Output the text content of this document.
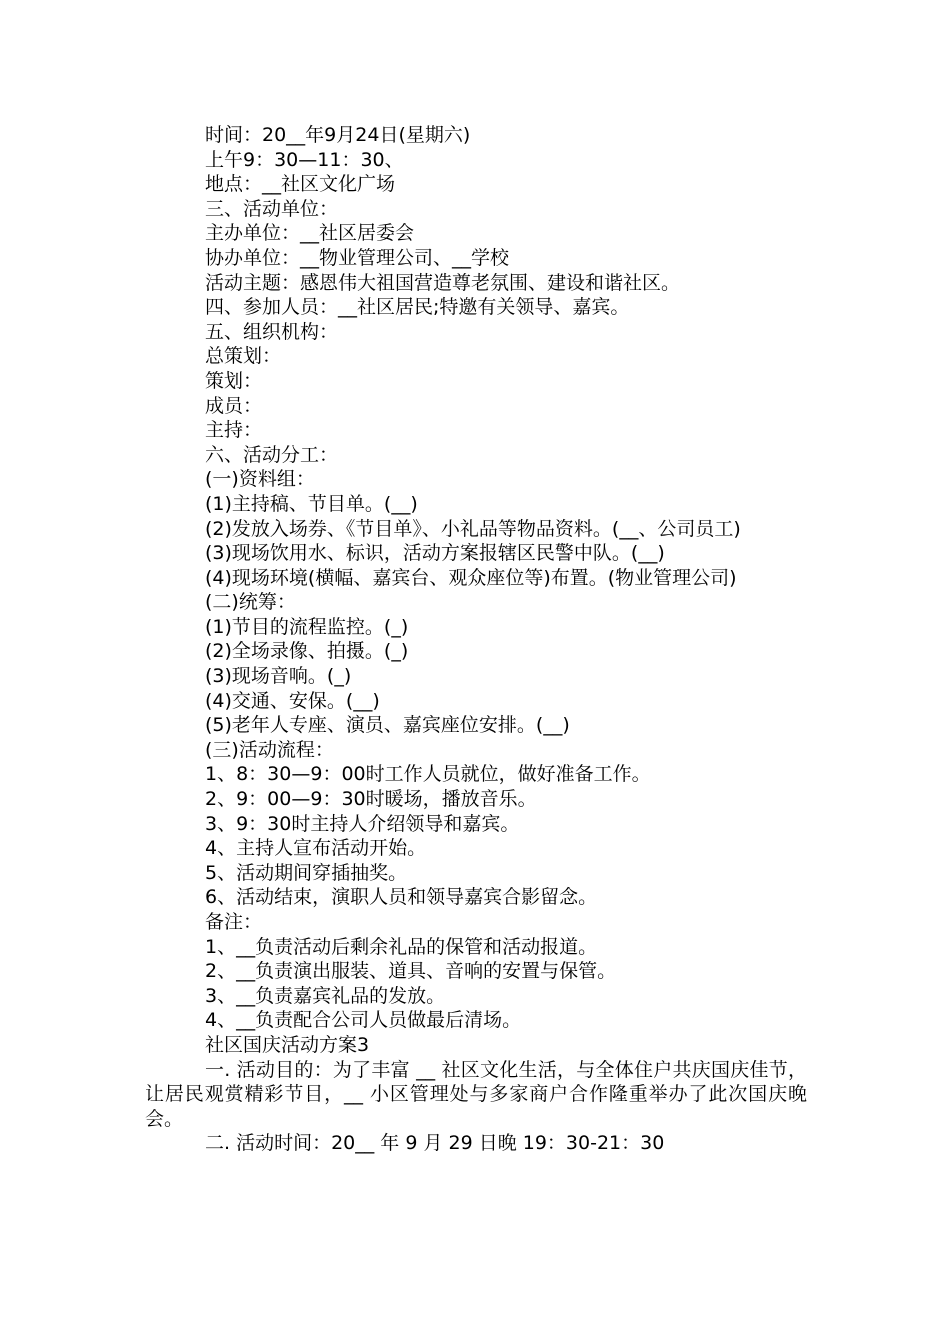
时间：20__年9月24日(星期六)
上午9：30—11：30、
地点：__社区文化广场
三、活动单位：
主办单位：__社区居委会
协办单位：__物业管理公司、__学校
活动主题：感恩伟大祖国营造尊老氛围、建设和谐社区。
四、参加人员：__社区居民;特邀有关领导、嘉宾。
五、组织机构：
总策划：
策划：
成员：
主持：
六、活动分工：
(一)资料组：
(1)主持稿、节目单。(__)
(2)发放入场券、《节目单》、小礼品等物品资料。(__、公司员工)
(3)现场饮用水、标识，活动方案报辖区民警中队。(__)
(4)现场环境(横幅、嘉宾台、观众座位等)布置。(物业管理公司)
(二)统筹：
(1)节目的流程监控。(_)
(2)全场录像、拍摄。(_)
(3)现场音响。(_)
(4)交通、安保。(__)
(5)老年人专座、演员、嘉宾座位安排。(__)
(三)活动流程：
1、8：30—9：00时工作人员就位，做好准备工作。
2、9：00—9：30时暖场，播放音乐。
3、9：30时主持人介绍领导和嘉宾。
4、主持人宣布活动开始。
5、活动期间穿插抽奖。
6、活动结束，演职人员和领导嘉宾合影留念。
备注：
1、__负责活动后剩余礼品的保管和活动报道。
2、__负责演出服装、道具、音响的安置与保管。
3、__负责嘉宾礼品的发放。
4、__负责配合公司人员做最后清场。
社区国庆活动方案3
一. 活动目的：为了丰富 __ 社区文化生活，与全体住户共庆国庆佳节，让居民观赏精彩节目，__ 小区管理处与多家商户合作隆重举办了此次国庆晚会。
二. 活动时间：20__ 年 9 月 29 日晚 19：30-21：30
